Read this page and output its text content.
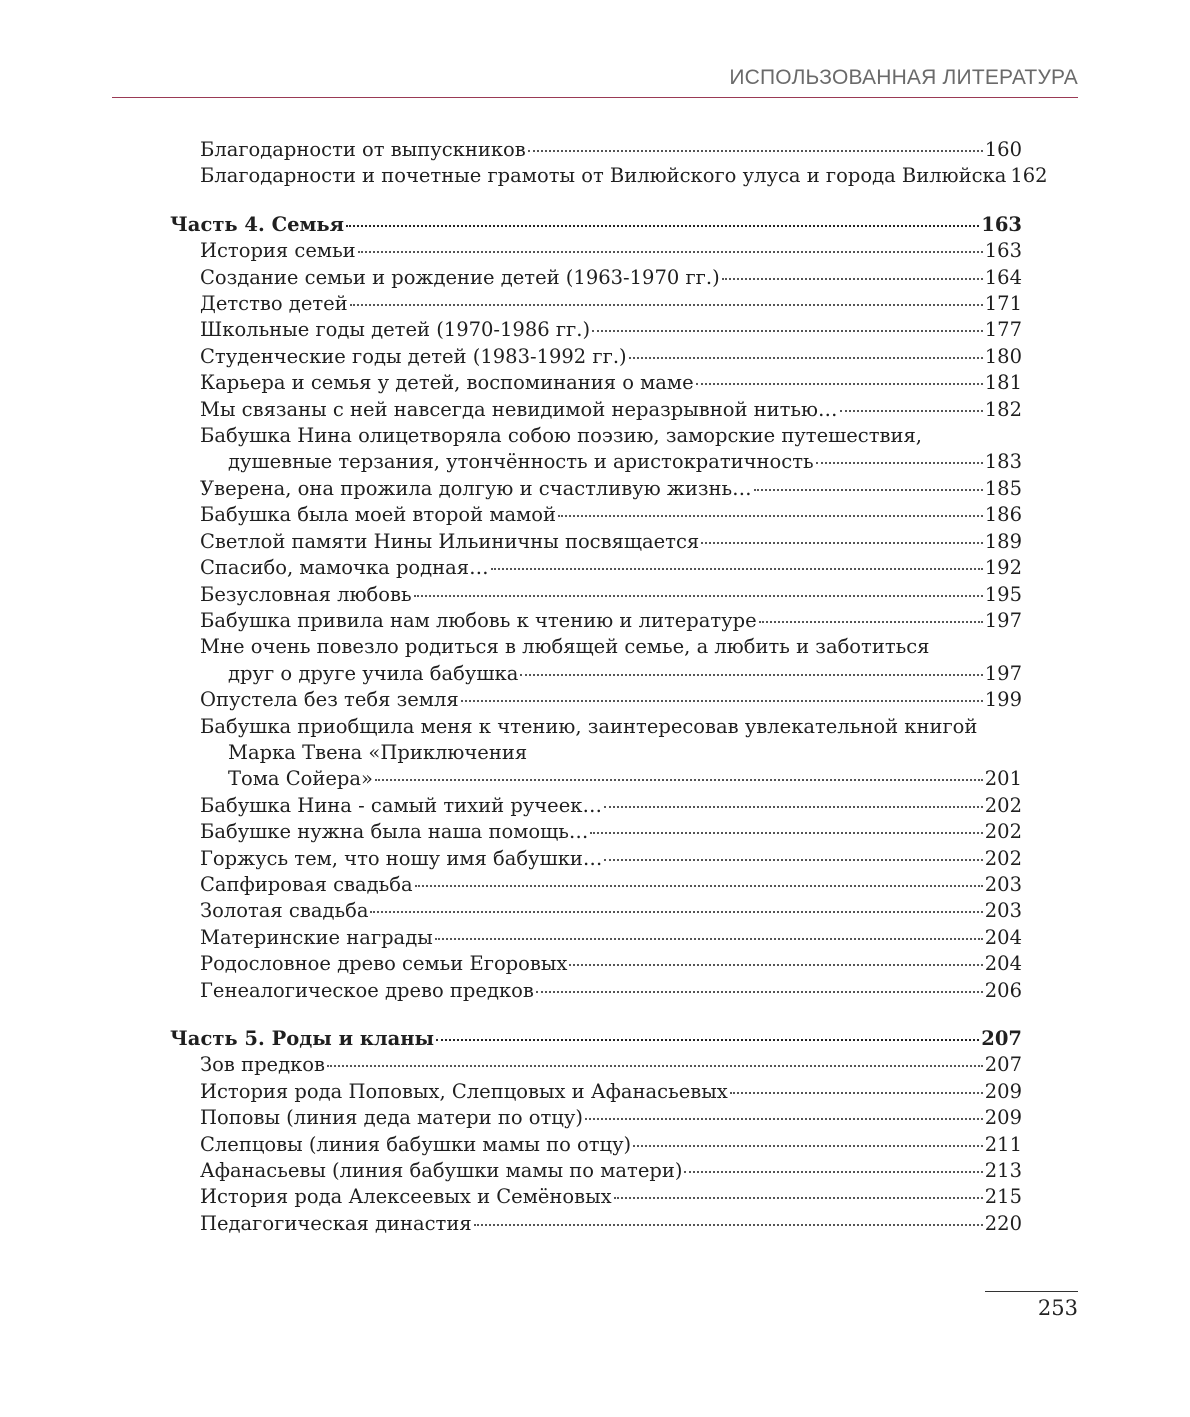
ИСПОЛЬЗОВАННАЯ ЛИТЕРАТУРА
Благодарности от выпускников	160
Благодарности и почетные грамоты от Вилюйского улуса и города Вилюйска 162
Часть 4. Семья	163
История семьи	163
Создание семьи и рождение детей (1963-1970 гг.)	164
Детство детей	171
Школьные годы детей (1970-1986 гг.)	177
Студенческие годы детей (1983-1992 гг.)	180
Карьера и семья у детей, воспоминания о маме	181
Мы связаны с ней навсегда невидимой неразрывной нитью…	182
Бабушка Нина олицетворяла собою поэзию, заморские путешествия,
душевные терзания, утончённость и аристократичность	183
Уверена, она прожила долгую и счастливую жизнь…	185
Бабушка была моей второй мамой	186
Светлой памяти Нины Ильиничны посвящается	189
Спасибо, мамочка родная…	192
Безусловная любовь	195
Бабушка привила нам любовь к чтению и литературе	197
Мне очень повезло родиться в любящей семье, а любить и заботиться
друг о друге учила бабушка	197
Опустела без тебя земля	199
Бабушка приобщила меня к чтению, заинтересовав увлекательной книгой
Марка Твена «Приключения
Тома Сойера»	201
Бабушка Нина - самый тихий ручеек…	202
Бабушке нужна была наша помощь…	202
Горжусь тем, что ношу имя бабушки…	202
Сапфировая свадьба	203
Золотая свадьба	203
Материнские награды	204
Родословное древо семьи Егоровых	204
Генеалогическое древо предков	206
Часть 5. Роды и кланы	207
Зов предков	207
История рода Поповых, Слепцовых и Афанасьевых	209
Поповы (линия деда матери по отцу)	209
Слепцовы (линия бабушки мамы по отцу)	211
Афанасьевы (линия бабушки мамы по матери)	213
История рода Алексеевых и Семёновых	215
Педагогическая династия	220
253
